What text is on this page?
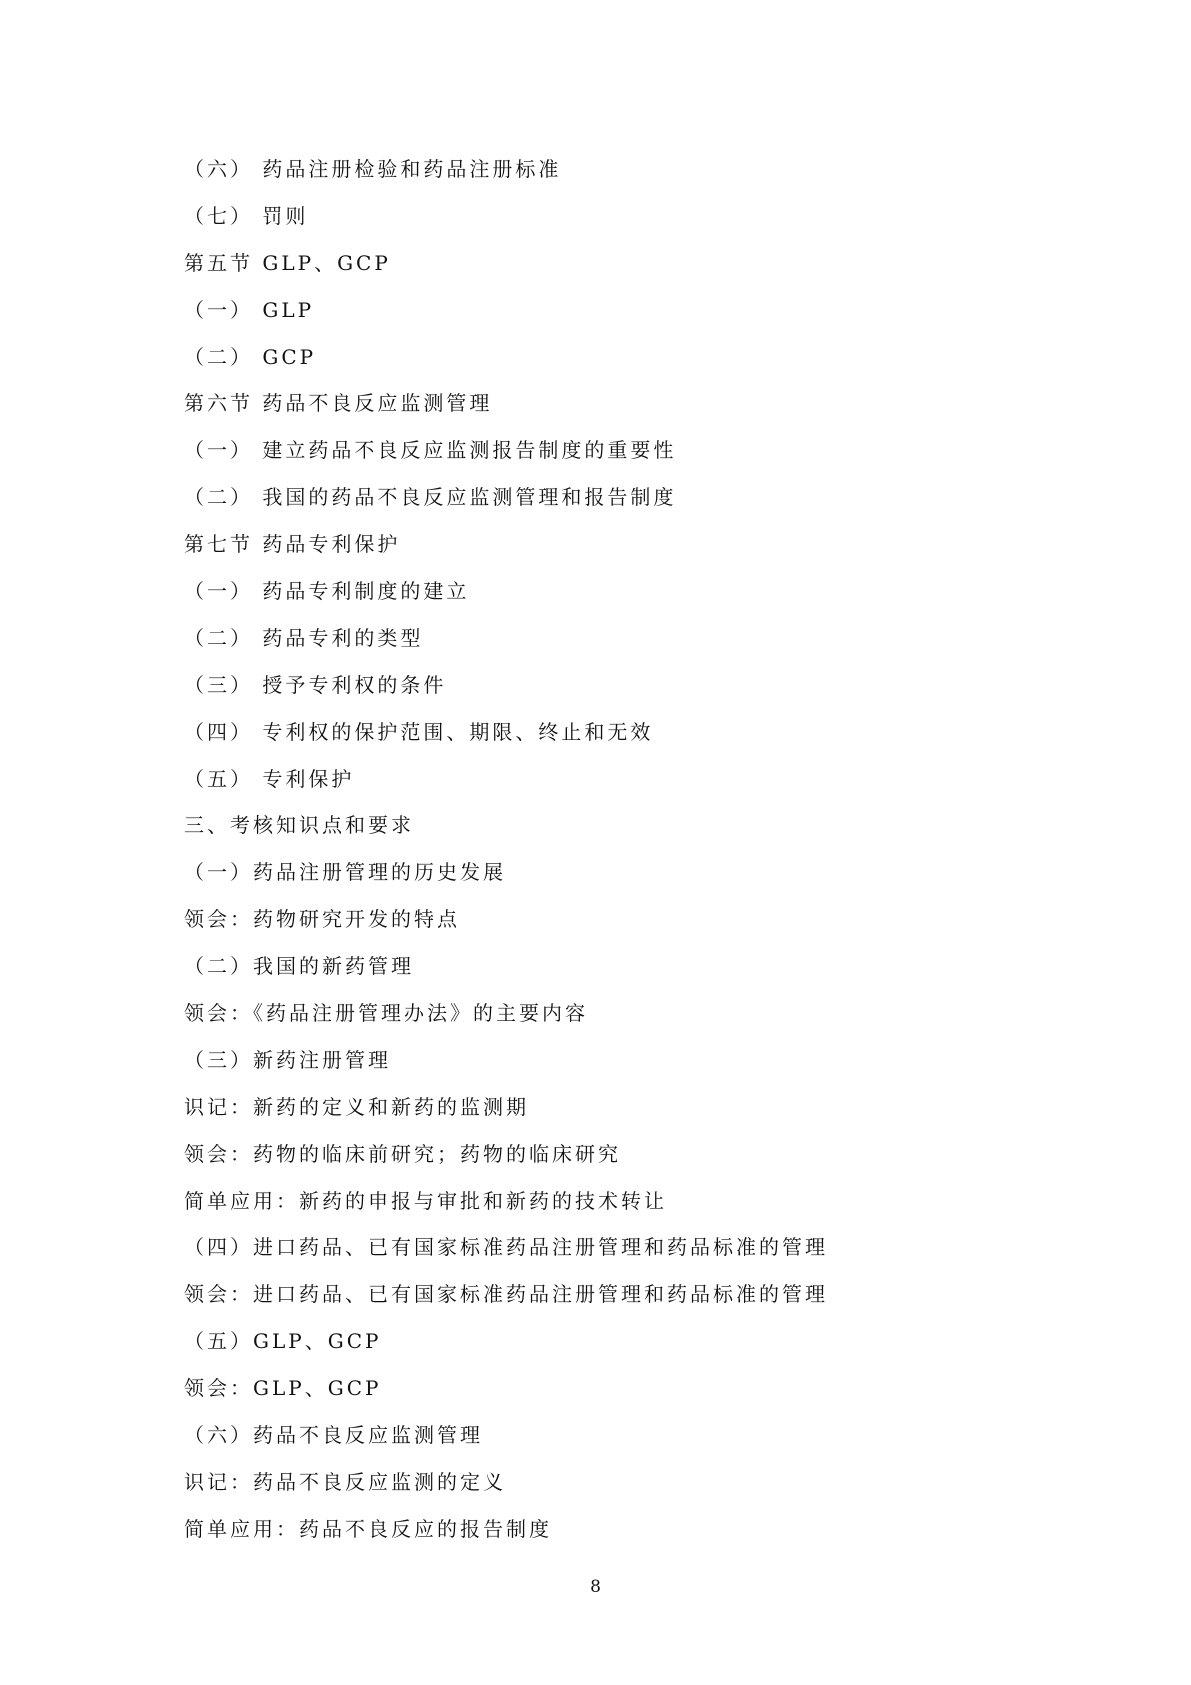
（六） 药品注册检验和药品注册标准
（七） 罚则
第五节 GLP、GCP
（一） GLP
（二） GCP
第六节 药品不良反应监测管理
（一） 建立药品不良反应监测报告制度的重要性
（二） 我国的药品不良反应监测管理和报告制度
第七节 药品专利保护
（一） 药品专利制度的建立
（二） 药品专利的类型
（三） 授予专利权的条件
（四） 专利权的保护范围、期限、终止和无效
（五） 专利保护
三、考核知识点和要求
（一）药品注册管理的历史发展
领会：药物研究开发的特点
（二）我国的新药管理
领会：《药品注册管理办法》的主要内容
（三）新药注册管理
识记：新药的定义和新药的监测期
领会：药物的临床前研究；药物的临床研究
简单应用：新药的申报与审批和新药的技术转让
（四）进口药品、已有国家标准药品注册管理和药品标准的管理
领会：进口药品、已有国家标准药品注册管理和药品标准的管理
（五）GLP、GCP
领会：GLP、GCP
（六）药品不良反应监测管理
识记：药品不良反应监测的定义
简单应用：药品不良反应的报告制度
8
